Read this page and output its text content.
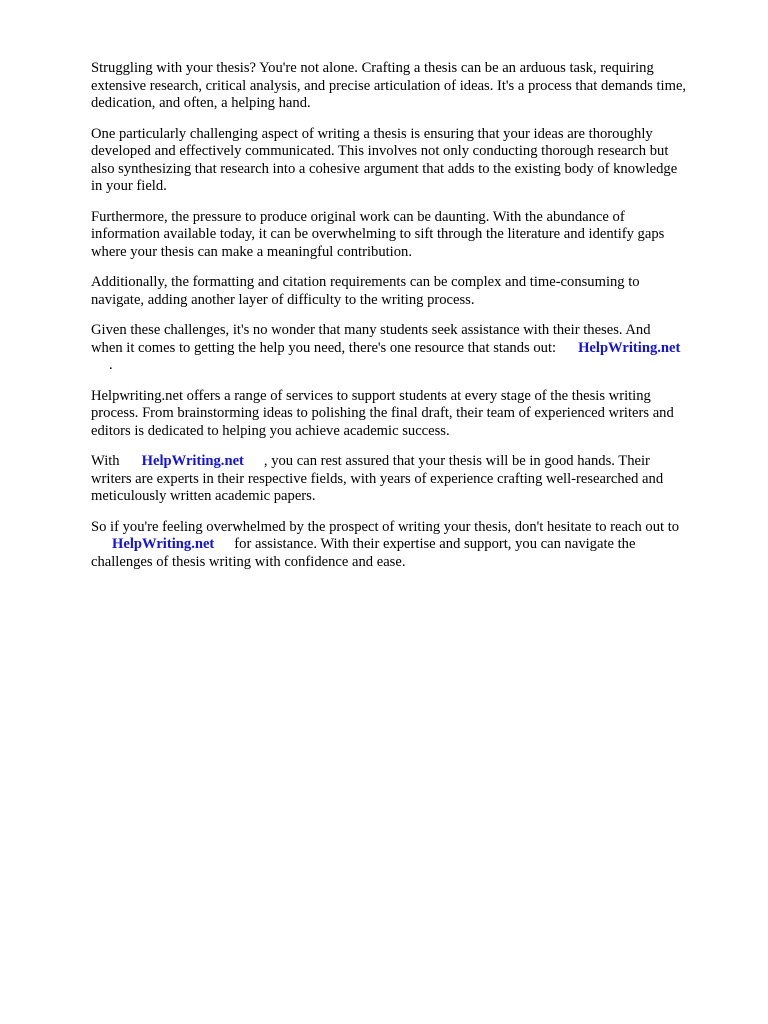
Struggling with your thesis? You're not alone. Crafting a thesis can be an arduous task, requiring
extensive research, critical analysis, and precise articulation of ideas. It's a process that demands time,
dedication, and often, a helping hand.

One particularly challenging aspect of writing a thesis is ensuring that your ideas are thoroughly
developed and effectively communicated. This involves not only conducting thorough research but
also synthesizing that research into a cohesive argument that adds to the existing body of knowledge
in your field.

Furthermore, the pressure to produce original work can be daunting. With the abundance of
information available today, it can be overwhelming to sift through the literature and identify gaps
where your thesis can make a meaningful contribution.

Additionally, the formatting and citation requirements can be complex and time-consuming to
navigate, adding another layer of difficulty to the writing process.

Given these challenges, it's no wonder that many students seek assistance with their theses. And
when it comes to getting the help you need, there's one resource that stands out: HelpWriting.net
.

Helpwriting.net offers a range of services to support students at every stage of the thesis writing
process. From brainstorming ideas to polishing the final draft, their team of experienced writers and
editors is dedicated to helping you achieve academic success.

With HelpWriting.net , you can rest assured that your thesis will be in good hands. Their
writers are experts in their respective fields, with years of experience crafting well-researched and
meticulously written academic papers.

So if you're feeling overwhelmed by the prospect of writing your thesis, don't hesitate to reach out to
HelpWriting.net for assistance. With their expertise and support, you can navigate the
challenges of thesis writing with confidence and ease.
